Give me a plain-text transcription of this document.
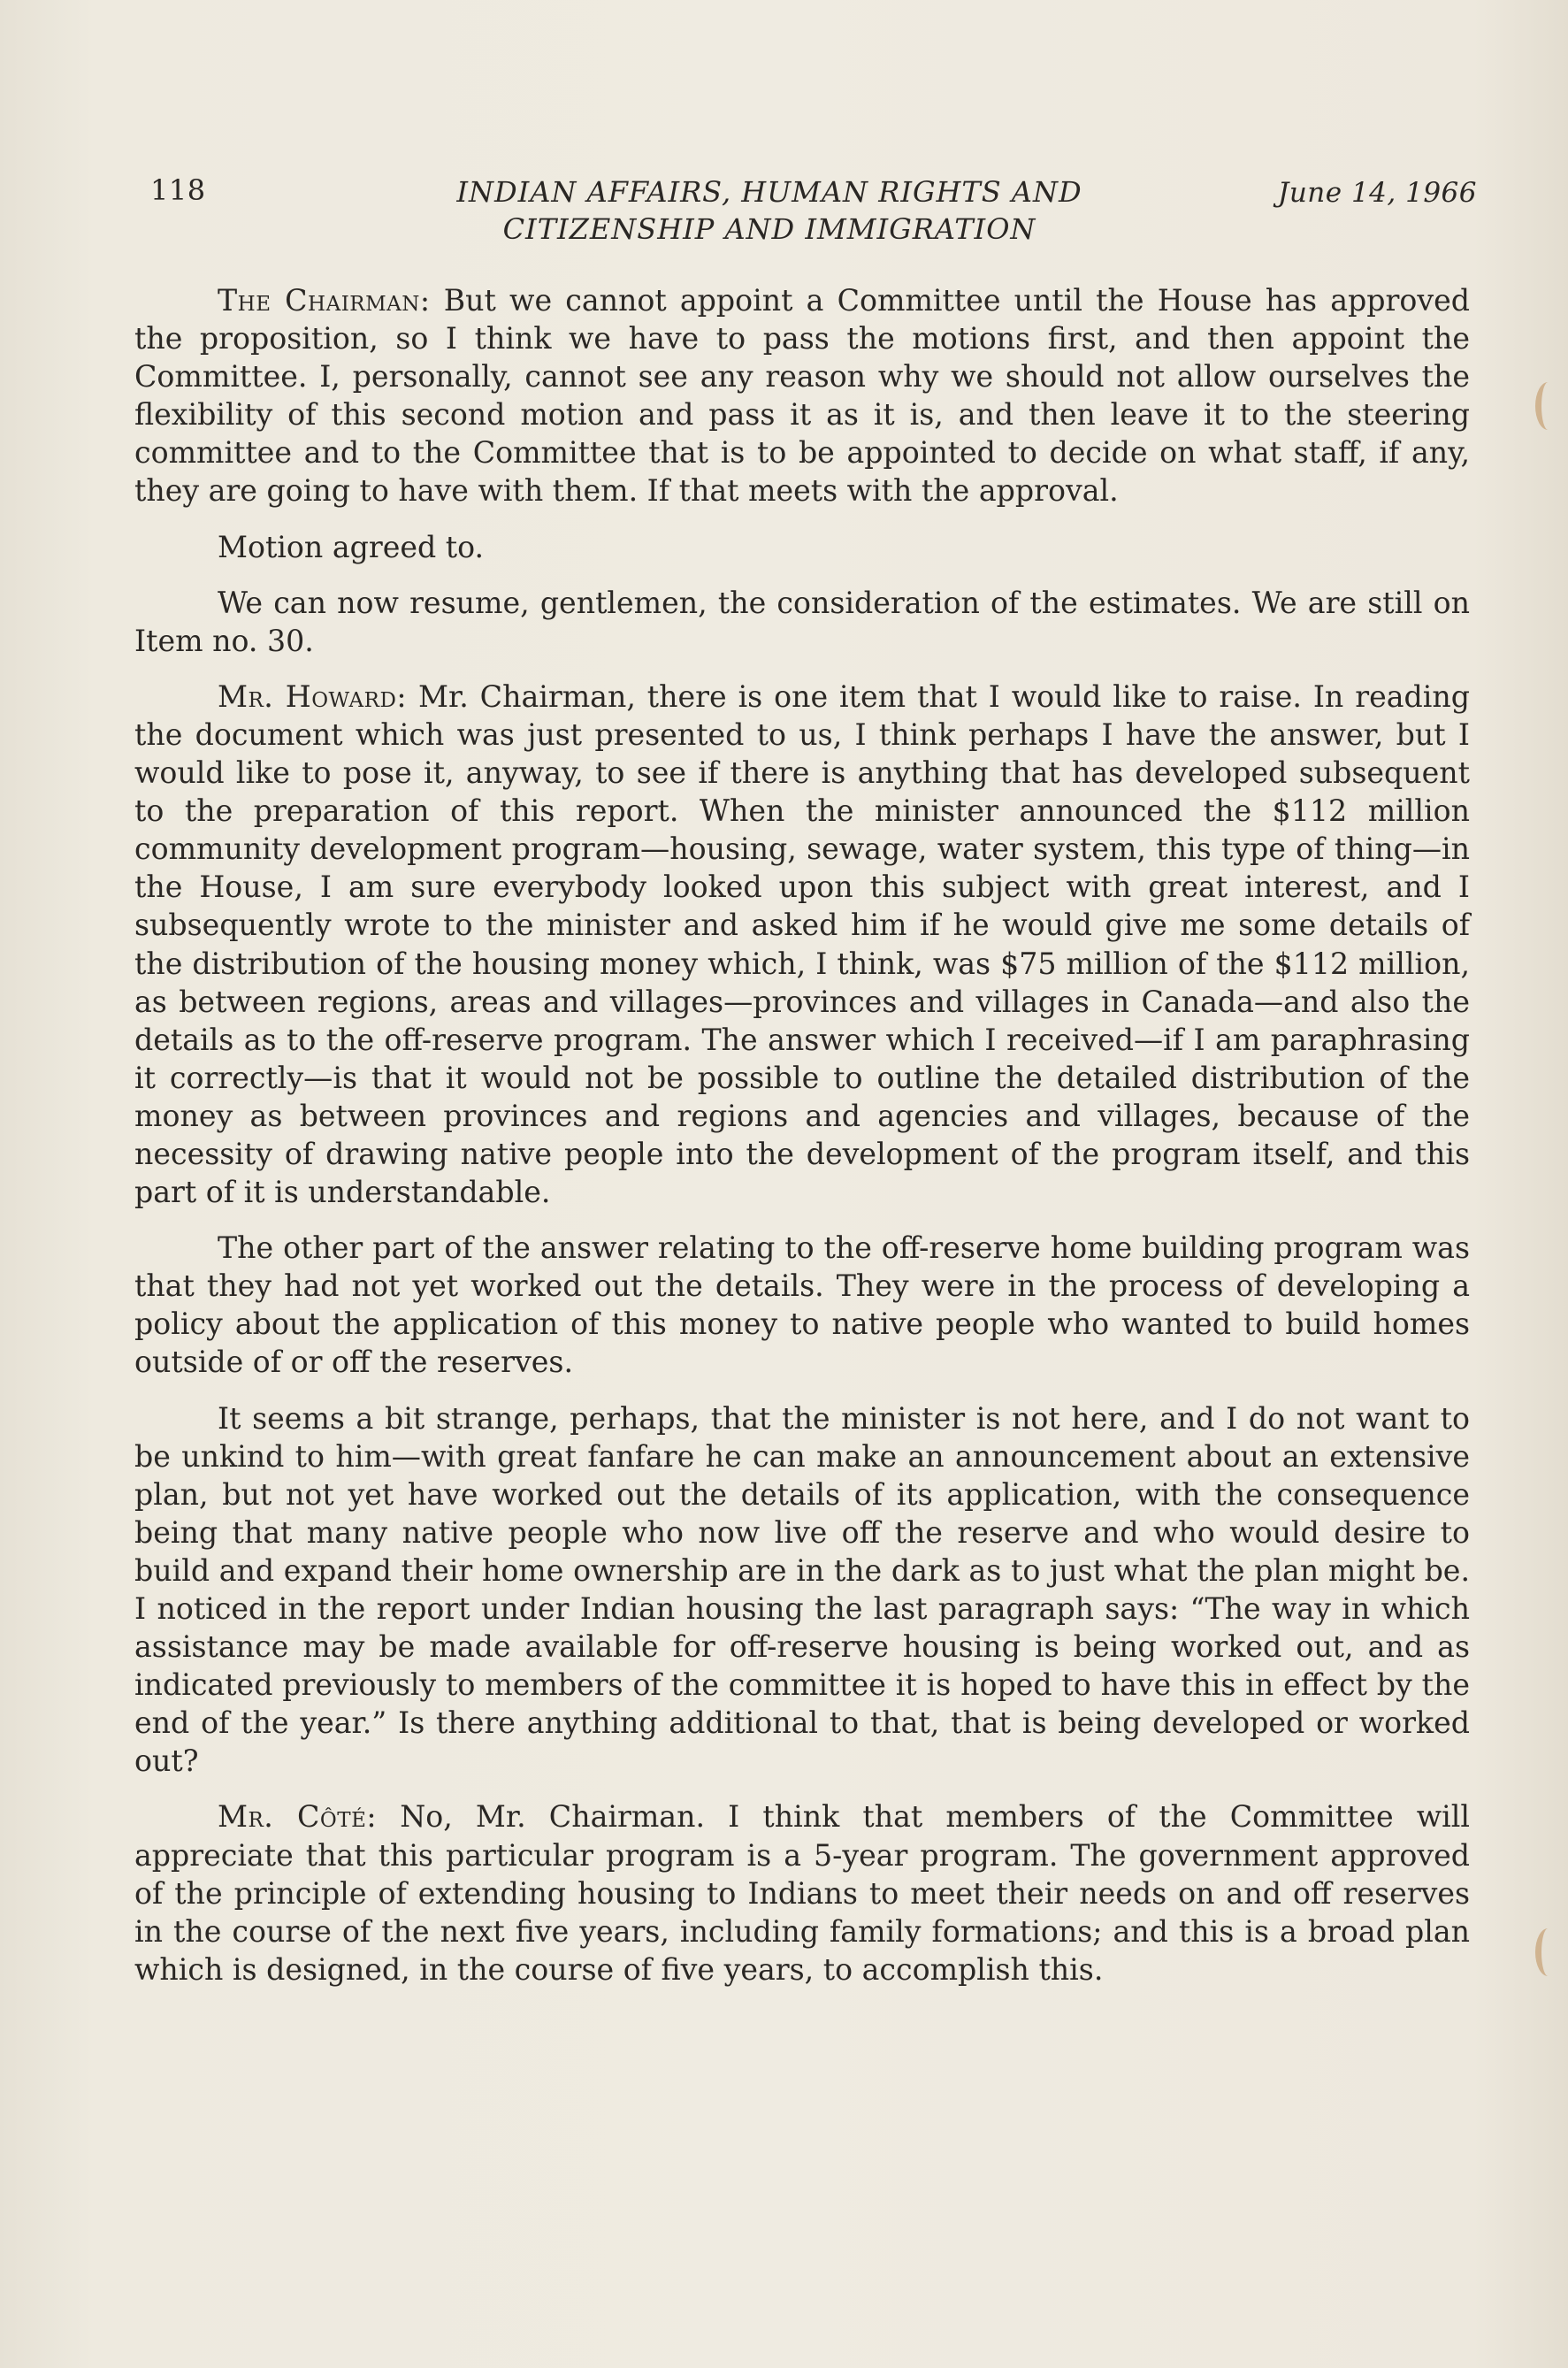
118	INDIAN AFFAIRS, HUMAN RIGHTS AND
CITIZENSHIP AND IMMIGRATION
June 14, 1966

The Chairman: But we cannot appoint a Committee until the House has approved the proposition, so I think we have to pass the motions first, and then appoint the Committee. I, personally, cannot see any reason why we should not allow ourselves the flexibility of this second motion and pass it as it is, and then leave it to the steering committee and to the Committee that is to be appointed to decide on what staff, if any, they are going to have with them. If that meets with the approval.

Motion agreed to.

We can now resume, gentlemen, the consideration of the estimates. We are still on Item no. 30.

Mr. Howard: Mr. Chairman, there is one item that I would like to raise. In reading the document which was just presented to us, I think perhaps I have the answer, but I would like to pose it, anyway, to see if there is anything that has developed subsequent to the preparation of this report. When the minister announced the $112 million community development program—housing, sewage, water system, this type of thing—in the House, I am sure everybody looked upon this subject with great interest, and I subsequently wrote to the minister and asked him if he would give me some details of the distribution of the housing money which, I think, was $75 million of the $112 million, as between regions, areas and villages—provinces and villages in Canada—and also the details as to the off-reserve program. The answer which I received—if I am paraphrasing it correctly—is that it would not be possible to outline the detailed distribution of the money as between provinces and regions and agencies and villages, because of the necessity of drawing native people into the development of the program itself, and this part of it is understandable.

The other part of the answer relating to the off-reserve home building program was that they had not yet worked out the details. They were in the process of developing a policy about the application of this money to native people who wanted to build homes outside of or off the reserves.

It seems a bit strange, perhaps, that the minister is not here, and I do not want to be unkind to him—with great fanfare he can make an announcement about an extensive plan, but not yet have worked out the details of its application, with the consequence being that many native people who now live off the reserve and who would desire to build and expand their home ownership are in the dark as to just what the plan might be. I noticed in the report under Indian housing the last paragraph says: “The way in which assistance may be made available for off-reserve housing is being worked out, and as indicated previously to members of the committee it is hoped to have this in effect by the end of the year.” Is there anything additional to that, that is being developed or worked out?

Mr. Côté: No, Mr. Chairman. I think that members of the Committee will appreciate that this particular program is a 5-year program. The government approved of the principle of extending housing to Indians to meet their needs on and off reserves in the course of the next five years, including family formations; and this is a broad plan which is designed, in the course of five years, to accomplish this.
